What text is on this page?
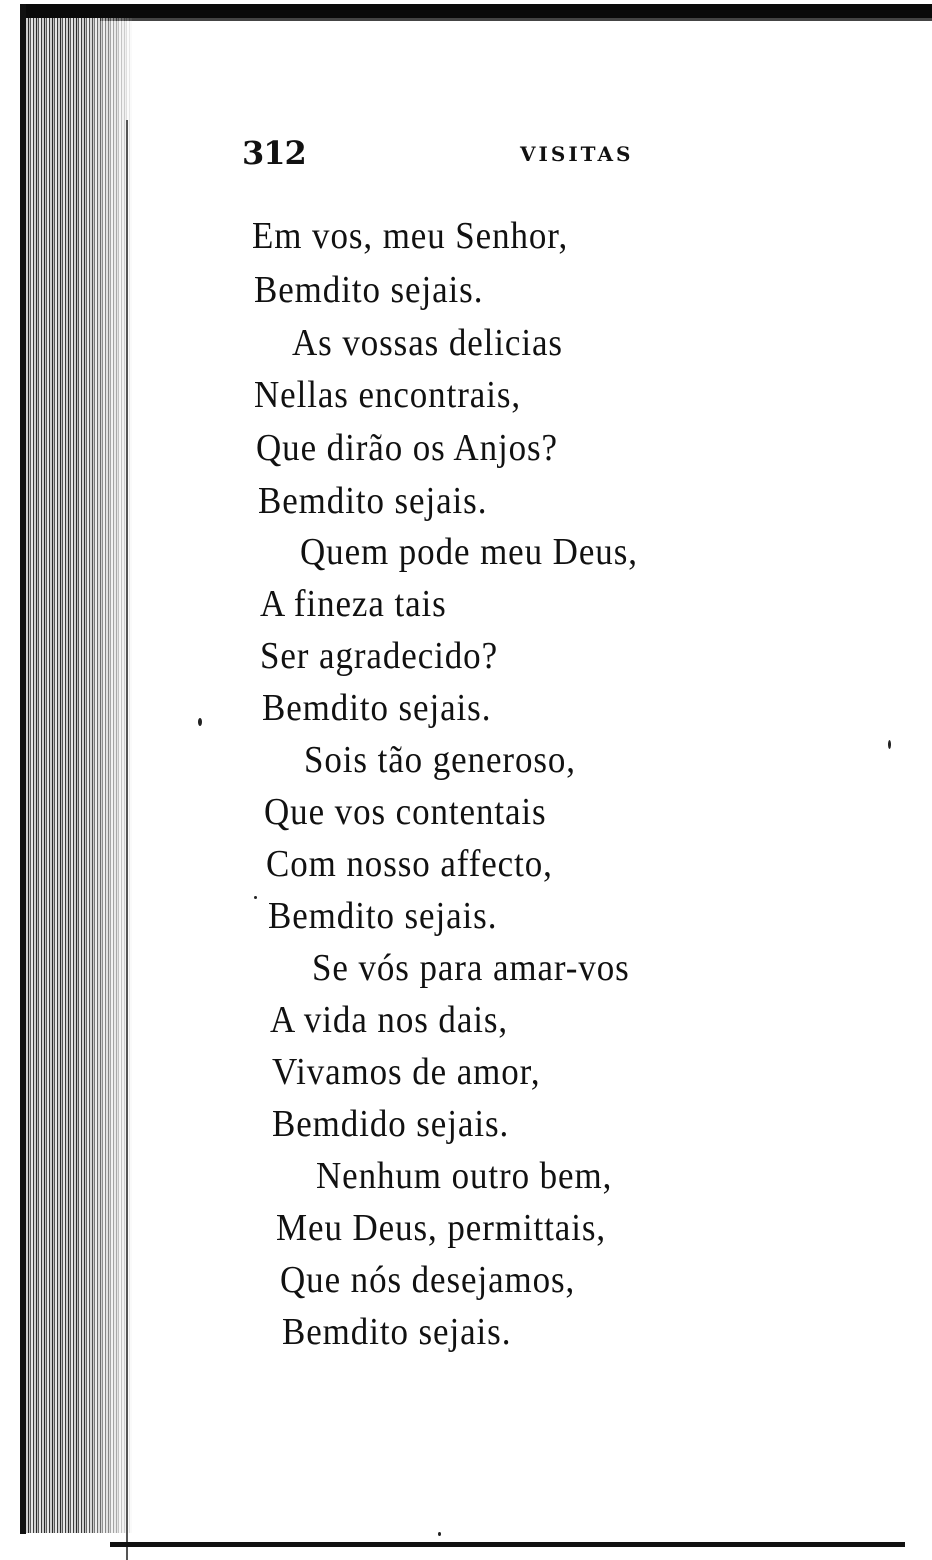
312	VISITAS
Em vos, meu Senhor,
Bemdito sejais.
As vossas delicias
Nellas encontrais,
Que dirão os Anjos?
Bemdito sejais.
Quem pode meu Deus,
A fineza tais
Ser agradecido?
Bemdito sejais.
Sois tão generoso,
Que vos contentais
Com nosso affecto,
Bemdito sejais.
Se vós para amar-vos
A vida nos dais,
Vivamos de amor,
Bemdido sejais.
Nenhum outro bem,
Meu Deus, permittais,
Que nós desejamos,
Bemdito sejais.
